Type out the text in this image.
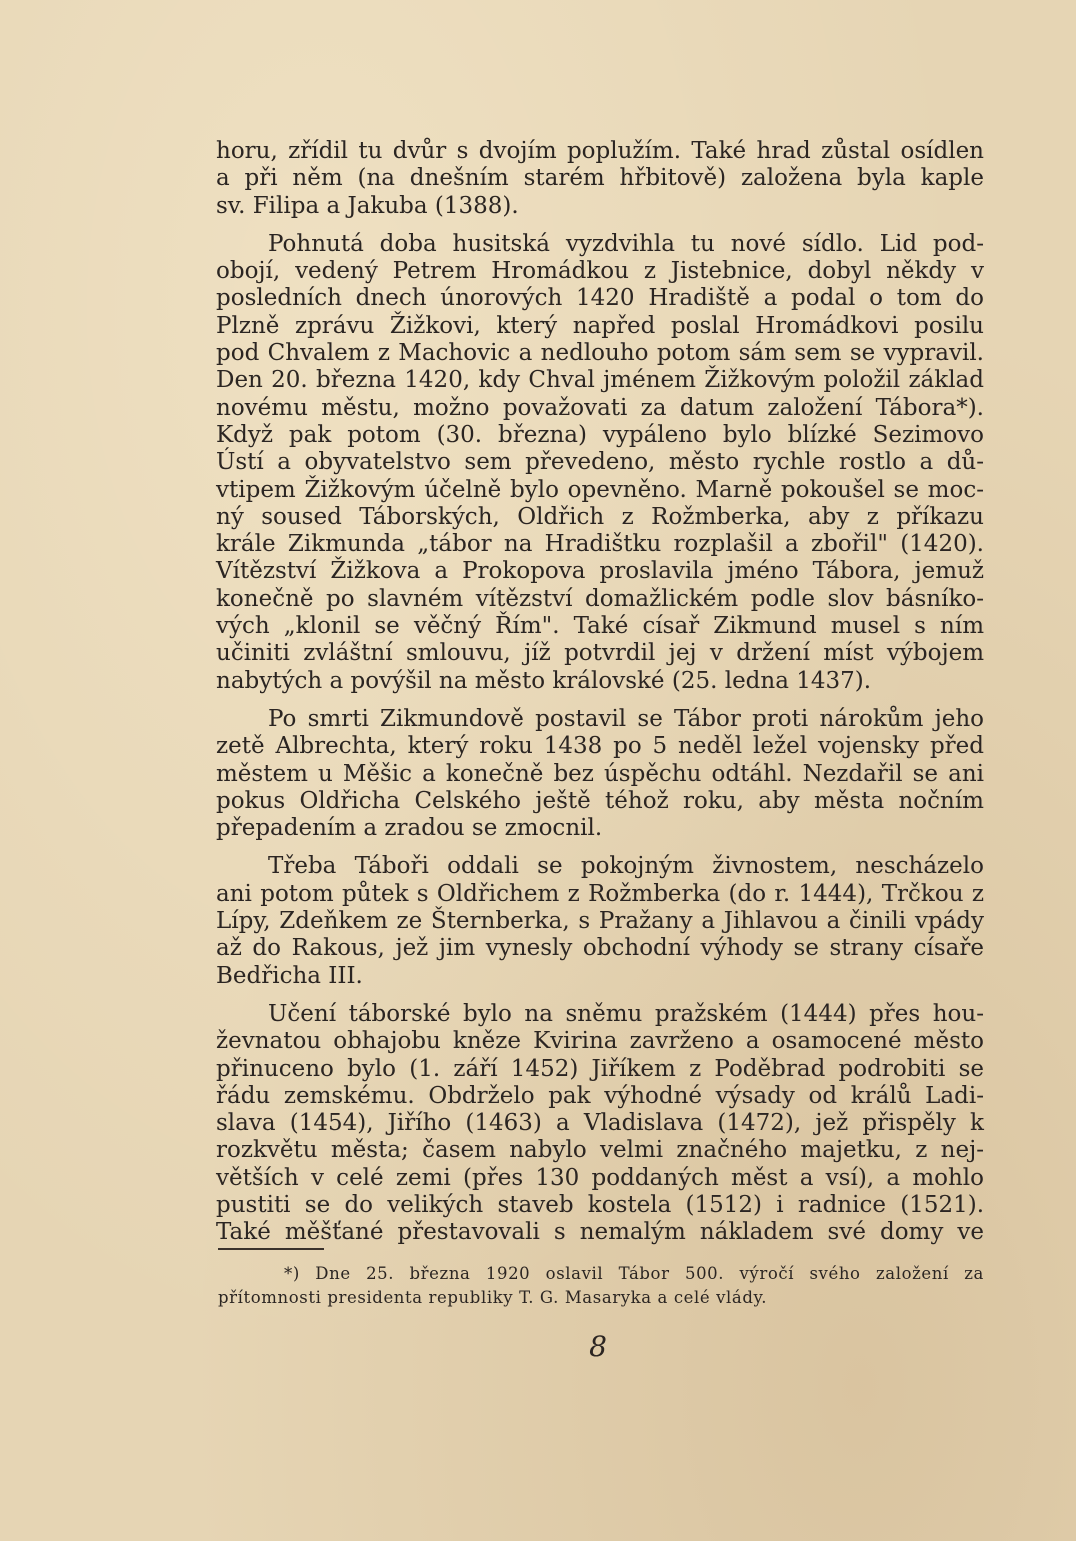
horu, zřídil tu dvůr s dvojím poplužím. Také hrad zůstal osídlen
a při něm (na dnešním starém hřbitově) založena byla kaple
sv. Filipa a Jakuba (1388).

Pohnutá doba husitská vyzdvihla tu nové sídlo. Lid pod-
obojí, vedený Petrem Hromádkou z Jistebnice, dobyl někdy v
posledních dnech únorových 1420 Hradiště a podal o tom do
Plzně zprávu Žižkovi, který napřed poslal Hromádkovi posilu
pod Chvalem z Machovic a nedlouho potom sám sem se vypravil.
Den 20. března 1420, kdy Chval jménem Žižkovým položil základ
novému městu, možno považovati za datum založení Tábora*).
Když pak potom (30. března) vypáleno bylo blízké Sezimovo
Ústí a obyvatelstvo sem převedeno, město rychle rostlo a dů-
vtipem Žižkovým účelně bylo opevněno. Marně pokoušel se moc-
ný soused Táborských, Oldřich z Rožmberka, aby z příkazu
krále Zikmunda „tábor na Hradištku rozplašil a zbořil" (1420).
Vítězství Žižkova a Prokopova proslavila jméno Tábora, jemuž
konečně po slavném vítězství domažlickém podle slov básníko-
vých „klonil se věčný Řím". Také císař Zikmund musel s ním
učiniti zvláštní smlouvu, jíž potvrdil jej v držení míst výbojem
nabytých a povýšil na město královské (25. ledna 1437).

Po smrti Zikmundově postavil se Tábor proti nárokům jeho
zetě Albrechta, který roku 1438 po 5 neděl ležel vojensky před
městem u Měšic a konečně bez úspěchu odtáhl. Nezdařil se ani
pokus Oldřicha Celského ještě téhož roku, aby města nočním
přepadením a zradou se zmocnil.

Třeba Táboři oddali se pokojným živnostem, nescházelo
ani potom půtek s Oldřichem z Rožmberka (do r. 1444), Trčkou z
Lípy, Zdeňkem ze Šternberka, s Pražany a Jihlavou a činili vpády
až do Rakous, jež jim vynesly obchodní výhody se strany císaře
Bedřicha III.

Učení táborské bylo na sněmu pražském (1444) přes hou-
ževnatou obhajobu kněze Kvirina zavrženo a osamocené město
přinuceno bylo (1. září 1452) Jiříkem z Poděbrad podrobiti se
řádu zemskému. Obdrželo pak výhodné výsady od králů Ladi-
slava (1454), Jiřího (1463) a Vladislava (1472), jež přispěly k
rozkvětu města; časem nabylo velmi značného majetku, z nej-
větších v celé zemi (přes 130 poddaných měst a vsí), a mohlo
pustiti se do velikých staveb kostela (1512) i radnice (1521).
Také měšťané přestavovali s nemalým nákladem své domy ve

*) Dne 25. března 1920 oslavil Tábor 500. výročí svého založení za
přítomnosti presidenta republiky T. G. Masaryka a celé vlády.
8
